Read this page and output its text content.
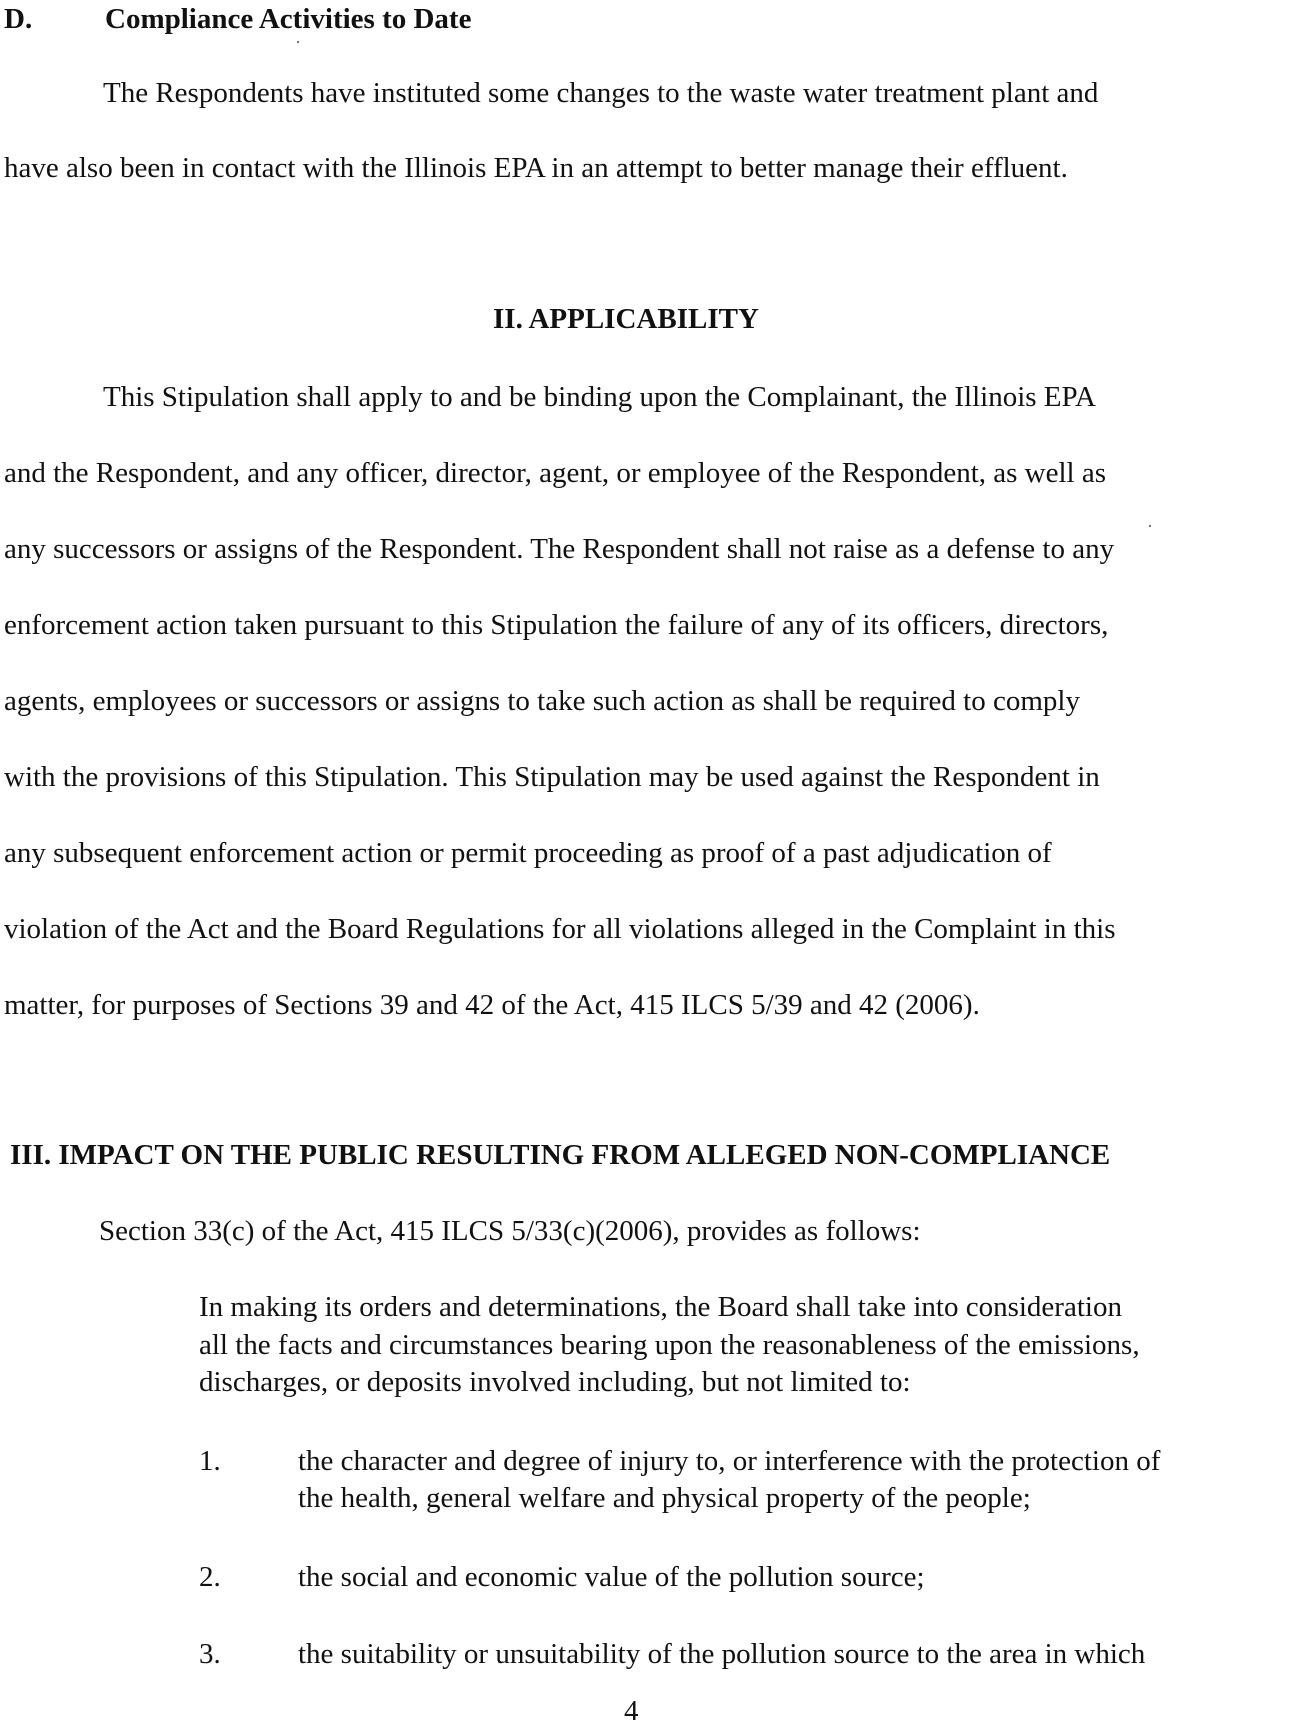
D.	Compliance Activities to Date

The Respondents have instituted some changes to the waste water treatment plant and

have also been in contact with the Illinois EPA in an attempt to better manage their effluent.

II. APPLICABILITY

This Stipulation shall apply to and be binding upon the Complainant, the Illinois EPA

and the Respondent, and any officer, director, agent, or employee of the Respondent, as well as

any successors or assigns of the Respondent. The Respondent shall not raise as a defense to any

enforcement action taken pursuant to this Stipulation the failure of any of its officers, directors,

agents, employees or successors or assigns to take such action as shall be required to comply

with the provisions of this Stipulation. This Stipulation may be used against the Respondent in

any subsequent enforcement action or permit proceeding as proof of a past adjudication of

violation of the Act and the Board Regulations for all violations alleged in the Complaint in this

matter, for purposes of Sections 39 and 42 of the Act, 415 ILCS 5/39 and 42 (2006).

III. IMPACT ON THE PUBLIC RESULTING FROM ALLEGED NON-COMPLIANCE

Section 33(c) of the Act, 415 ILCS 5/33(c)(2006), provides as follows:

In making its orders and determinations, the Board shall take into consideration

all the facts and circumstances bearing upon the reasonableness of the emissions,

discharges, or deposits involved including, but not limited to:

1.	the character and degree of injury to, or interference with the protection of

the health, general welfare and physical property of the people;

2.	the social and economic value of the pollution source;

3.	the suitability or unsuitability of the pollution source to the area in which

4
